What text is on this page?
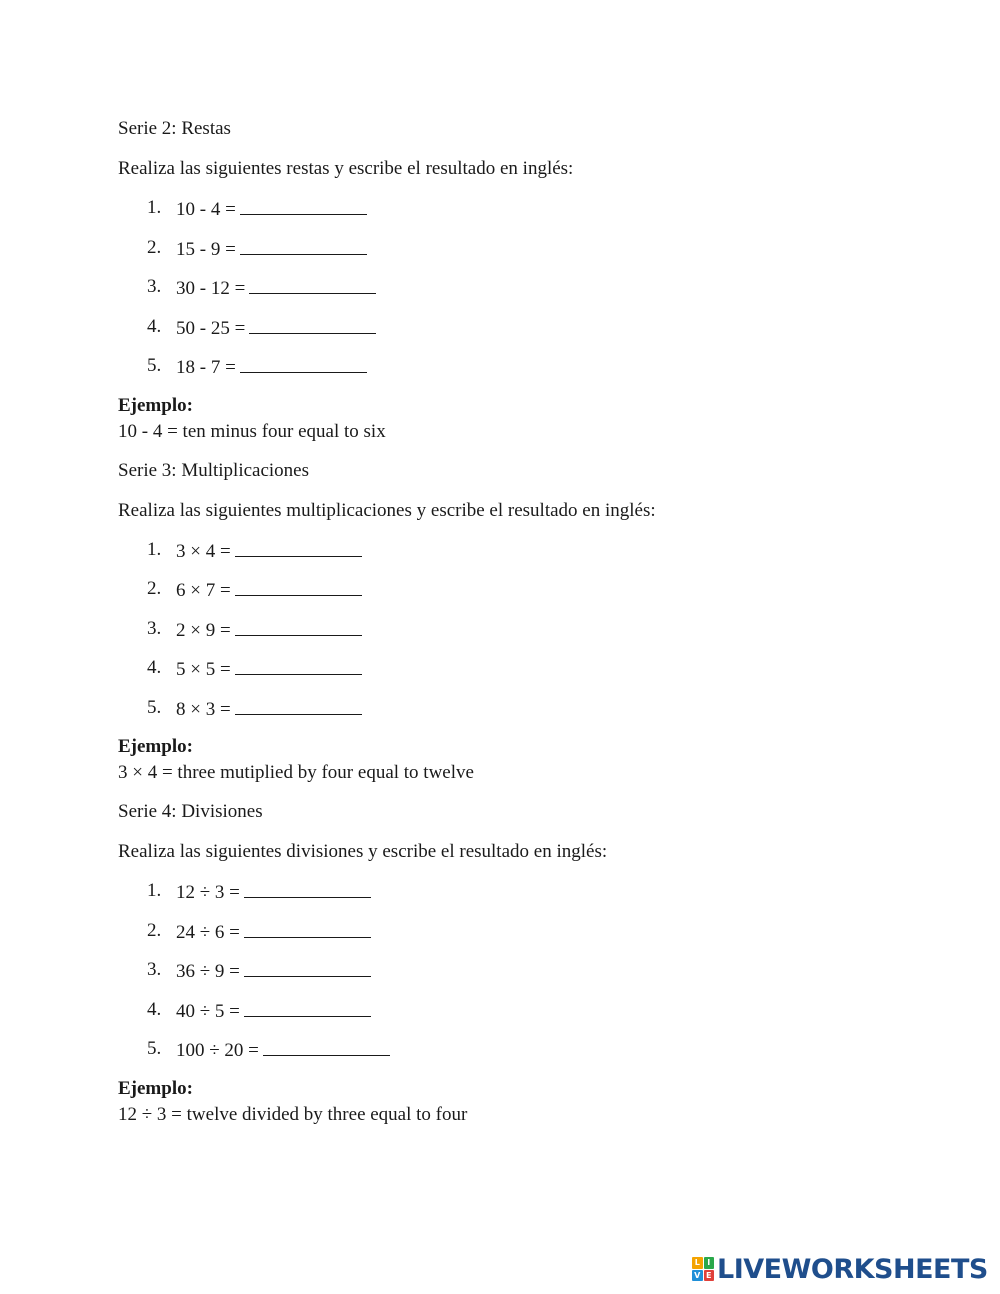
Serie 2: Restas
Realiza las siguientes restas y escribe el resultado en inglés:
1. 10 - 4 =
2. 15 - 9 =
3. 30 - 12 =
4. 50 - 25 =
5. 18 - 7 =
Ejemplo:
10 - 4 = ten minus four equal to six
Serie 3: Multiplicaciones
Realiza las siguientes multiplicaciones y escribe el resultado en inglés:
1. 3 × 4 =
2. 6 × 7 =
3. 2 × 9 =
4. 5 × 5 =
5. 8 × 3 =
Ejemplo:
3 × 4 = three mutiplied by four equal to twelve
Serie 4: Divisiones
Realiza las siguientes divisiones y escribe el resultado en inglés:
1. 12 ÷ 3 =
2. 24 ÷ 6 =
3. 36 ÷ 9 =
4. 40 ÷ 5 =
5. 100 ÷ 20 =
Ejemplo:
12 ÷ 3 = twelve divided by three equal to four
L I
V E LIVEWORKSHEETS
